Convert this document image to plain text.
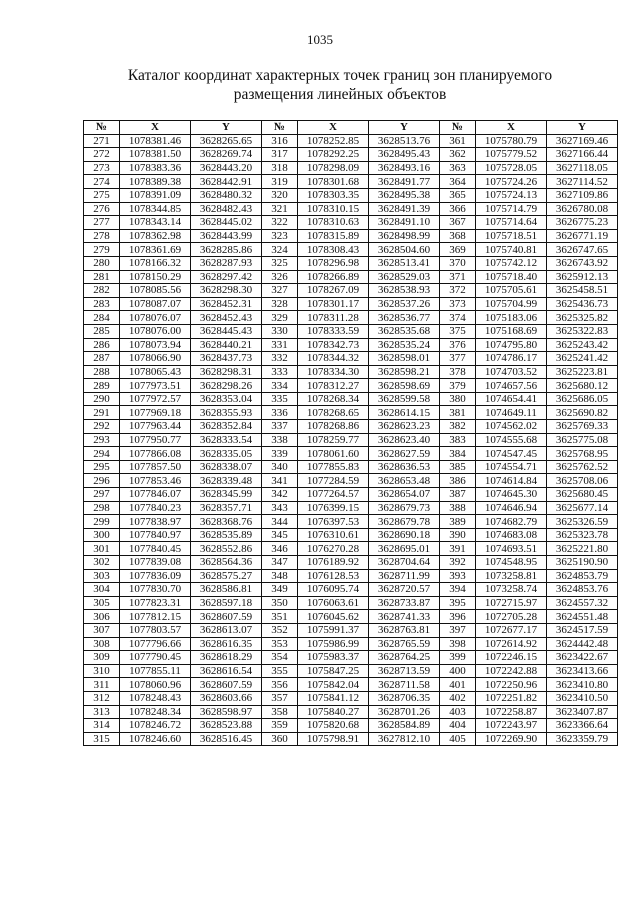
1035
Каталог координат характерных точек границ зон планируемого
размещения линейных объектов
№	X	Y	№	X	Y	№	X	Y
271	1078381.46	3628265.65	316	1078252.85	3628513.76	361	1075780.79	3627169.46
272	1078381.50	3628269.74	317	1078292.25	3628495.43	362	1075779.52	3627166.44
273	1078383.36	3628443.20	318	1078298.09	3628493.16	363	1075728.05	3627118.05
274	1078389.38	3628442.91	319	1078301.68	3628491.77	364	1075724.26	3627114.52
275	1078391.09	3628480.32	320	1078303.35	3628495.38	365	1075724.13	3627109.86
276	1078344.85	3628482.43	321	1078310.15	3628491.39	366	1075714.79	3626780.08
277	1078343.14	3628445.02	322	1078310.63	3628491.10	367	1075714.64	3626775.23
278	1078362.98	3628443.99	323	1078315.89	3628498.99	368	1075718.51	3626771.19
279	1078361.69	3628285.86	324	1078308.43	3628504.60	369	1075740.81	3626747.65
280	1078166.32	3628287.93	325	1078296.98	3628513.41	370	1075742.12	3626743.92
281	1078150.29	3628297.42	326	1078266.89	3628529.03	371	1075718.40	3625912.13
282	1078085.56	3628298.30	327	1078267.09	3628538.93	372	1075705.61	3625458.51
283	1078087.07	3628452.31	328	1078301.17	3628537.26	373	1075704.99	3625436.73
284	1078076.07	3628452.43	329	1078311.28	3628536.77	374	1075183.06	3625325.82
285	1078076.00	3628445.43	330	1078333.59	3628535.68	375	1075168.69	3625322.83
286	1078073.94	3628440.21	331	1078342.73	3628535.24	376	1074795.80	3625243.42
287	1078066.90	3628437.73	332	1078344.32	3628598.01	377	1074786.17	3625241.42
288	1078065.43	3628298.31	333	1078334.30	3628598.21	378	1074703.52	3625223.81
289	1077973.51	3628298.26	334	1078312.27	3628598.69	379	1074657.56	3625680.12
290	1077972.57	3628353.04	335	1078268.34	3628599.58	380	1074654.41	3625686.05
291	1077969.18	3628355.93	336	1078268.65	3628614.15	381	1074649.11	3625690.82
292	1077963.44	3628352.84	337	1078268.86	3628623.23	382	1074562.02	3625769.33
293	1077950.77	3628333.54	338	1078259.77	3628623.40	383	1074555.68	3625775.08
294	1077866.08	3628335.05	339	1078061.60	3628627.59	384	1074547.45	3625768.95
295	1077857.50	3628338.07	340	1077855.83	3628636.53	385	1074554.71	3625762.52
296	1077853.46	3628339.48	341	1077284.59	3628653.48	386	1074614.84	3625708.06
297	1077846.07	3628345.99	342	1077264.57	3628654.07	387	1074645.30	3625680.45
298	1077840.23	3628357.71	343	1076399.15	3628679.73	388	1074646.94	3625677.14
299	1077838.97	3628368.76	344	1076397.53	3628679.78	389	1074682.79	3625326.59
300	1077840.97	3628535.89	345	1076310.61	3628690.18	390	1074683.08	3625323.78
301	1077840.45	3628552.86	346	1076270.28	3628695.01	391	1074693.51	3625221.80
302	1077839.08	3628564.36	347	1076189.92	3628704.64	392	1074548.95	3625190.90
303	1077836.09	3628575.27	348	1076128.53	3628711.99	393	1073258.81	3624853.79
304	1077830.70	3628586.81	349	1076095.74	3628720.57	394	1073258.74	3624853.76
305	1077823.31	3628597.18	350	1076063.61	3628733.87	395	1072715.97	3624557.32
306	1077812.15	3628607.59	351	1076045.62	3628741.33	396	1072705.28	3624551.48
307	1077803.57	3628613.07	352	1075991.37	3628763.81	397	1072677.17	3624517.59
308	1077796.66	3628616.35	353	1075986.99	3628765.59	398	1072614.92	3624442.48
309	1077790.45	3628618.29	354	1075983.37	3628764.25	399	1072246.15	3623422.67
310	1077855.11	3628616.54	355	1075847.25	3628713.59	400	1072242.88	3623413.66
311	1078060.96	3628607.59	356	1075842.04	3628711.58	401	1072250.96	3623410.80
312	1078248.43	3628603.66	357	1075841.12	3628706.35	402	1072251.82	3623410.50
313	1078248.34	3628598.97	358	1075840.27	3628701.26	403	1072258.87	3623407.87
314	1078246.72	3628523.88	359	1075820.68	3628584.89	404	1072243.97	3623366.64
315	1078246.60	3628516.45	360	1075798.91	3627812.10	405	1072269.90	3623359.79
